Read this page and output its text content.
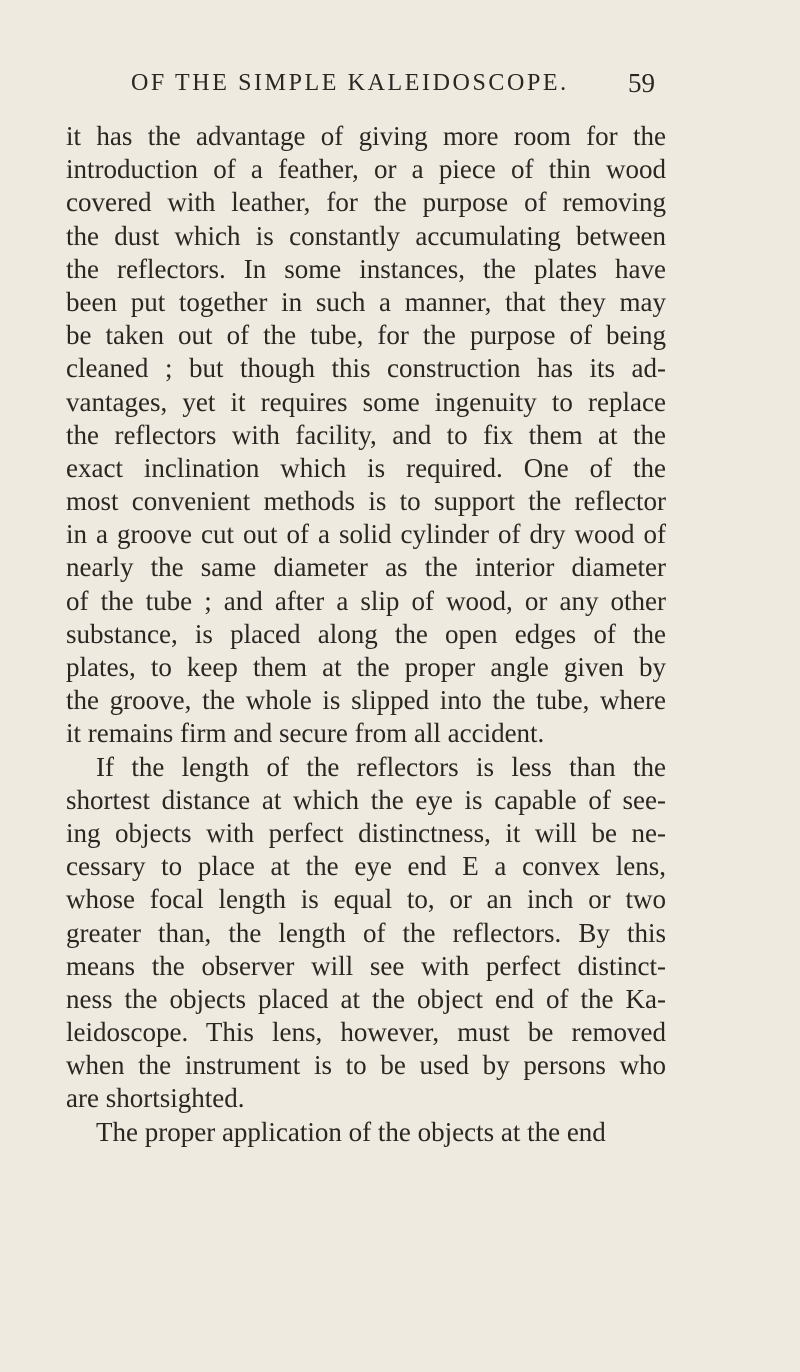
OF THE SIMPLE KALEIDOSCOPE. 59
it has the advantage of giving more room for the
introduction of a feather, or a piece of thin wood
covered with leather, for the purpose of removing
the dust which is constantly accumulating between
the reflectors. In some instances, the plates have
been put together in such a manner, that they may
be taken out of the tube, for the purpose of being
cleaned ; but though this construction has its ad-
vantages, yet it requires some ingenuity to replace
the reflectors with facility, and to fix them at the
exact inclination which is required. One of the
most convenient methods is to support the reflector
in a groove cut out of a solid cylinder of dry wood of
nearly the same diameter as the interior diameter
of the tube ; and after a slip of wood, or any other
substance, is placed along the open edges of the
plates, to keep them at the proper angle given by
the groove, the whole is slipped into the tube, where
it remains firm and secure from all accident.
If the length of the reflectors is less than the
shortest distance at which the eye is capable of see-
ing objects with perfect distinctness, it will be ne-
cessary to place at the eye end E a convex lens,
whose focal length is equal to, or an inch or two
greater than, the length of the reflectors. By this
means the observer will see with perfect distinct-
ness the objects placed at the object end of the Ka-
leidoscope. This lens, however, must be removed
when the instrument is to be used by persons who
are shortsighted.
The proper application of the objects at the end
